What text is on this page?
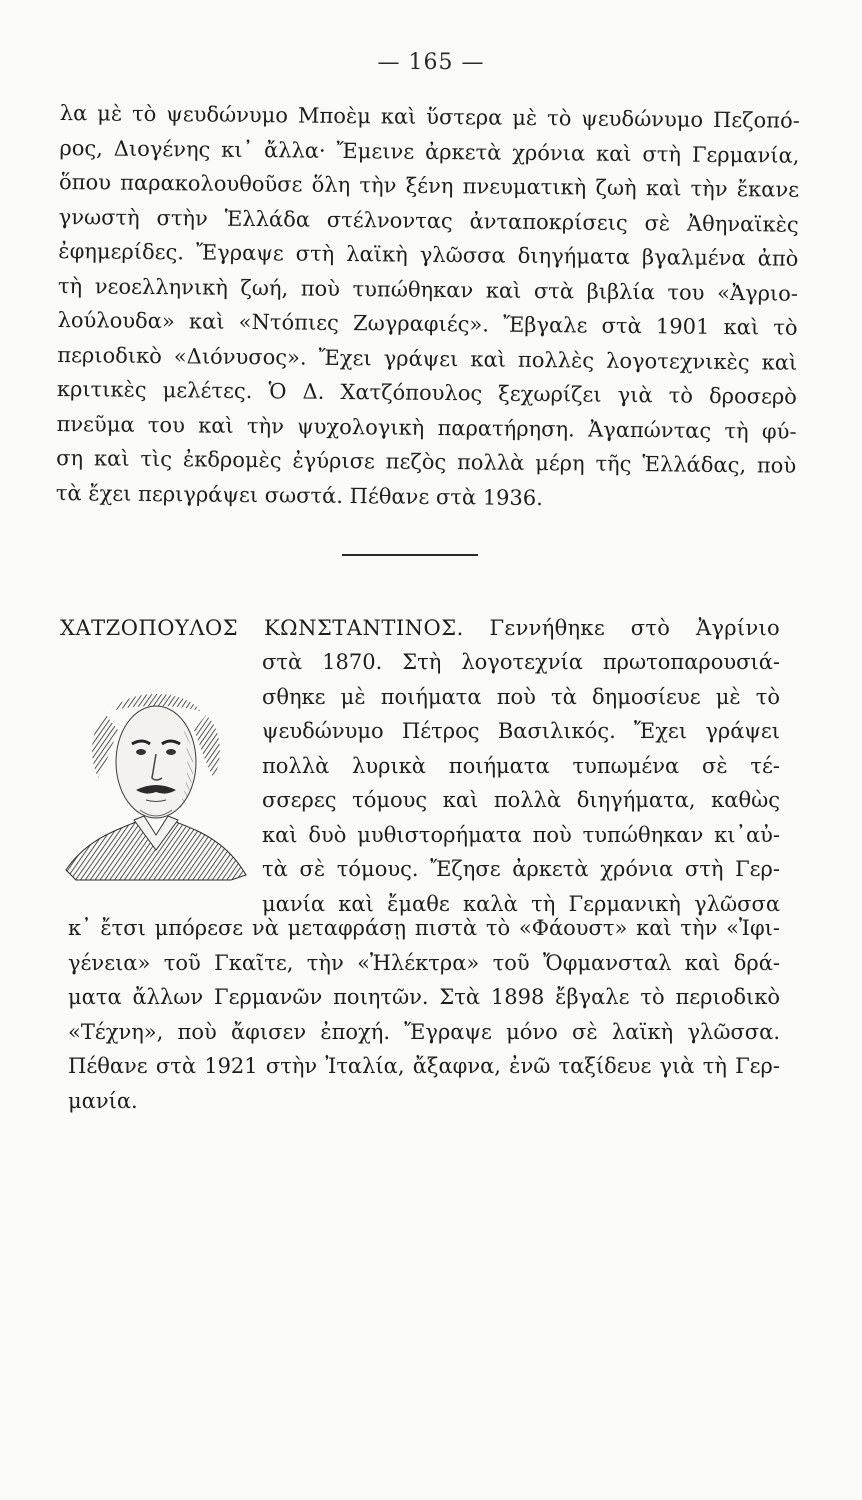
— 165 —
λα μὲ τὸ ψευδώνυμο Μποὲμ καὶ ὕστερα μὲ τὸ ψευδώνυμο Πεζοπό-
ρος, Διογένης κι᾿ ἄλλα· Ἔμεινε ἀρκετὰ χρόνια καὶ στὴ Γερμανία,
ὅπου παρακολουθοῦσε ὅλη τὴν ξένη πνευματικὴ ζωὴ καὶ τὴν ἔκανε
γνωστὴ στὴν Ἑλλάδα στέλνοντας ἀνταποκρίσεις σὲ Ἀθηναϊκὲς
ἐφημερίδες. Ἔγραψε στὴ λαϊκὴ γλῶσσα διηγήματα βγαλμένα ἀπὸ
τὴ νεοελληνικὴ ζωή, ποὺ τυπώθηκαν καὶ στὰ βιβλία του «Ἀγριο-
λούλουδα» καὶ «Ντόπιες Ζωγραφιές». Ἔβγαλε στὰ 1901 καὶ τὸ
περιοδικὸ «Διόνυσος». Ἔχει γράψει καὶ πολλὲς λογοτεχνικὲς καὶ
κριτικὲς μελέτες. Ὁ Δ. Χατζόπουλος ξεχωρίζει γιὰ τὸ δροσερὸ
πνεῦμα του καὶ τὴν ψυχολογικὴ παρατήρηση. Ἀγαπώντας τὴ φύ-
ση καὶ τὶς ἐκδρομὲς ἐγύρισε πεζὸς πολλὰ μέρη τῆς Ἑλλάδας, ποὺ
τὰ ἔχει περιγράψει σωστά. Πέθανε στὰ 1936.
ΧΑΤΖΟΠΟΥΛΟΣ ΚΩΝΣΤΑΝΤΙΝΟΣ. Γεννήθηκε στὸ Ἀγρίνιο
στὰ 1870. Στὴ λογοτεχνία πρωτοπαρουσιά-
σθηκε μὲ ποιήματα ποὺ τὰ δημοσίευε μὲ τὸ
ψευδώνυμο Πέτρος Βασιλικός. Ἔχει γράψει
πολλὰ λυρικὰ ποιήματα τυπωμένα σὲ τέ-
σσερες τόμους καὶ πολλὰ διηγήματα, καθὼς
καὶ δυὸ μυθιστορήματα ποὺ τυπώθηκαν κι᾿αὐ-
τὰ σὲ τόμους. Ἔζησε ἀρκετὰ χρόνια στὴ Γερ-
μανία καὶ ἔμαθε καλὰ τὴ Γερμανικὴ γλῶσσα
κ᾿ ἔτσι μπόρεσε νὰ μεταφράσῃ πιστὰ τὸ «Φάουστ» καὶ τὴν «Ἰφι-
γένεια» τοῦ Γκαῖτε, τὴν «Ἠλέκτρα» τοῦ Ὄφμανσταλ καὶ δρά-
ματα ἄλλων Γερμανῶν ποιητῶν. Στὰ 1898 ἔβγαλε τὸ περιοδικὸ
«Τέχνη», ποὺ ἄφισεν ἐποχή. Ἔγραψε μόνο σὲ λαϊκὴ γλῶσσα.
Πέθανε στὰ 1921 στὴν Ἰταλία, ἄξαφνα, ἐνῶ ταξίδευε γιὰ τὴ Γερ-
μανία.
